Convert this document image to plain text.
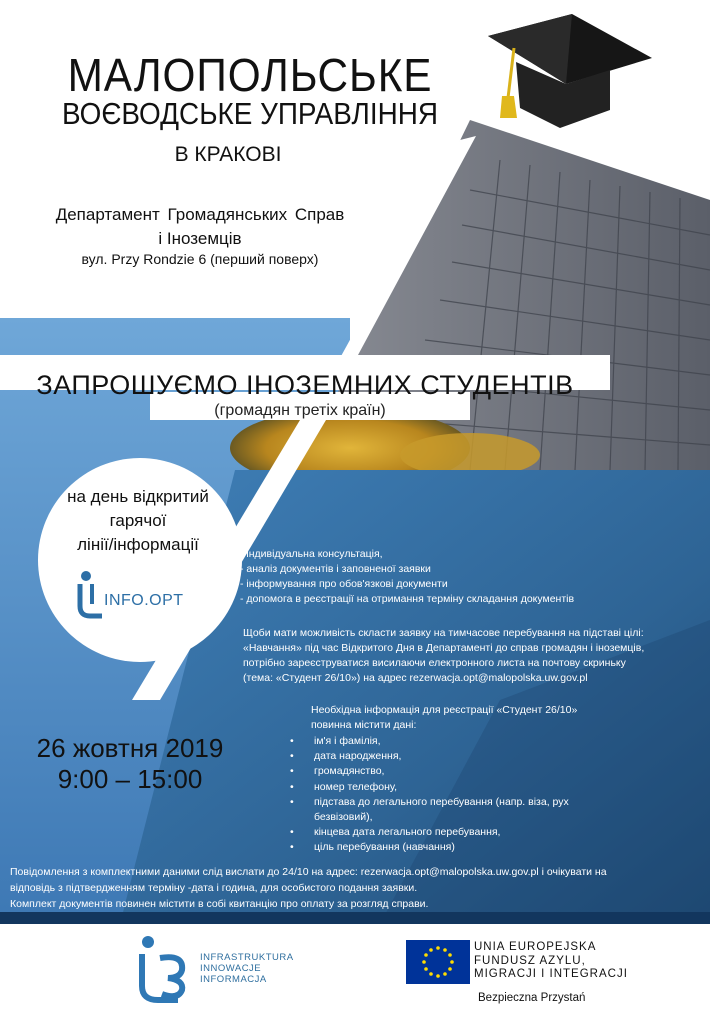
МАЛОПОЛЬСЬКЕ
ВОЄВОДСЬКЕ УПРАВЛІННЯ
В КРАКОВІ
Департамент Громадянських Справ
і Іноземців
вул. Przy Rondzie 6 (перший поверх)
ЗАПРОШУЄМО ІНОЗЕМНИХ СТУДЕНТІВ
(громадян третіх країн)
на день відкритий
гарячої
лінії/інформації
INFO.OPT
- індивідуальна консультація,
- аналіз документів і заповненої заявки
- інформування про обов'язкові документи
- допомога в реєстрації на отримання терміну складання документів
Щоби мати можливість скласти заявку на тимчасове перебування на підставі цілі:
«Навчання» під час Відкритого Дня в Департаменті до справ громадян і іноземців,
потрібно зареєструватися висилаючи електронного листа на почтову скриньку
(тема: «Студент 26/10») на адрес rezerwacja.opt@malopolska.uw.gov.pl
Необхідна інформація для реєстрації «Студент 26/10»
повинна містити дані:
•	ім'я і фамілія,
•	дата народження,
•	громадянство,
•	номер телефону,
•	підстава до легального перебування (напр. віза, рух
безвізовий),
•	кінцева дата легального перебування,
•	ціль перебування (навчання)
26 жовтня 2019
9:00 – 15:00
Повідомлення з комплектними даними слід вислати до 24/10 на адрес: rezerwacja.opt@malopolska.uw.gov.pl і очікувати на
відповідь з підтвердженням терміну -дата і година, для особистого подання заявки.
Комплект документів повинен містити в собі квитанцію про оплату за розгляд справи.
INFRASTRUKTURA
INNOWACJE
INFORMACJA
UNIA EUROPEJSKA
FUNDUSZ AZYLU,
MIGRACJI I INTEGRACJI
Bezpieczna Przystań
